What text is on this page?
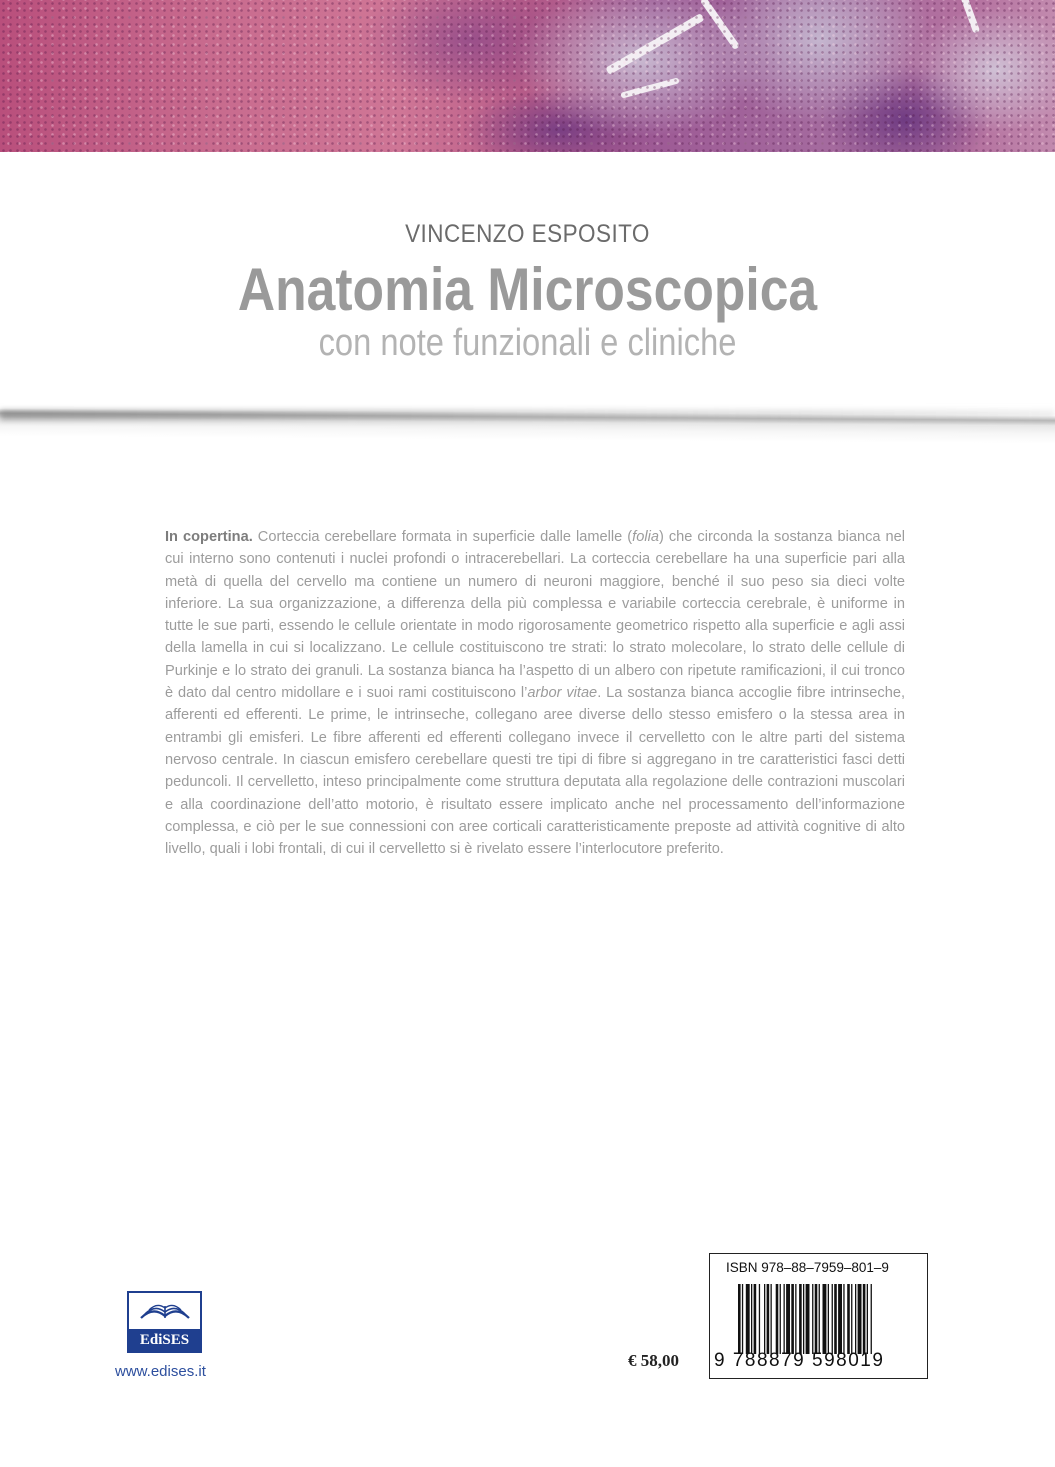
VINCENZO ESPOSITO
Anatomia Microscopica
con note funzionali e cliniche

In copertina. Corteccia cerebellare formata in superficie dalle lamelle (folia) che circonda la sostanza bianca nel cui interno sono contenuti i nuclei profondi o intracerebellari. La corteccia cerebellare ha una superficie pari alla metà di quella del cervello ma contiene un numero di neuroni maggiore, benché il suo peso sia dieci volte inferiore. La sua organizzazione, a differenza della più complessa e variabile corteccia cerebrale, è uniforme in tutte le sue parti, essendo le cellule orientate in modo rigorosamente geometrico rispetto alla superficie e agli assi della lamella in cui si localizzano. Le cellule costituiscono tre strati: lo strato molecolare, lo strato delle cellule di Purkinje e lo strato dei granuli. La sostanza bianca ha l’aspetto di un albero con ripetute ramificazioni, il cui tronco è dato dal centro midollare e i suoi rami costituiscono l’arbor vitae. La sostanza bianca accoglie fibre intrinseche, afferenti ed efferenti. Le prime, le intrinseche, collegano aree diverse dello stesso emisfero o la stessa area in entrambi gli emisferi. Le fibre afferenti ed efferenti collegano invece il cervelletto con le altre parti del sistema nervoso centrale. In ciascun emisfero cerebellare questi tre tipi di fibre si aggregano in tre caratteristici fasci detti peduncoli. Il cervelletto, inteso principalmente come struttura deputata alla regolazione delle contrazioni muscolari e alla coordinazione dell’atto motorio, è risultato essere implicato anche nel processamento dell’informazione complessa, e ciò per le sue connessioni con aree corticali caratteristicamente preposte ad attività cognitive di alto livello, quali i lobi frontali, di cui il cervelletto si è rivelato essere l’interlocutore preferito.

EdiSES
www.edises.it
€ 58,00
ISBN 978–88–7959–801–9
9 788879 598019
